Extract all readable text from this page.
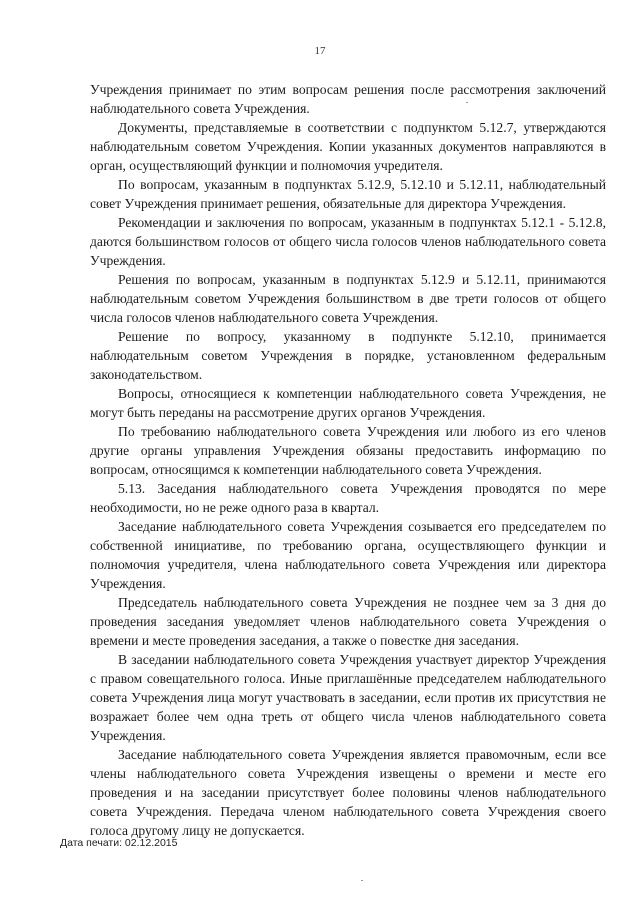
17

Учреждения принимает по этим вопросам решения после рассмотрения заключений наблюдательного совета Учреждения.

Документы, представляемые в соответствии с подпунктом 5.12.7, утверждаются наблюдательным советом Учреждения. Копии указанных документов направляются в орган, осуществляющий функции и полномочия учредителя.

По вопросам, указанным в подпунктах 5.12.9, 5.12.10 и 5.12.11, наблюдательный совет Учреждения принимает решения, обязательные для директора Учреждения.

Рекомендации и заключения по вопросам, указанным в подпунктах 5.12.1 - 5.12.8, даются большинством голосов от общего числа голосов членов наблюдательного совета Учреждения.

Решения по вопросам, указанным в подпунктах 5.12.9 и 5.12.11, принимаются наблюдательным советом Учреждения большинством в две трети голосов от общего числа голосов членов наблюдательного совета Учреждения.

Решение по вопросу, указанному в подпункте 5.12.10, принимается наблюдательным советом Учреждения в порядке, установленном федеральным законодательством.

Вопросы, относящиеся к компетенции наблюдательного совета Учреждения, не могут быть переданы на рассмотрение других органов Учреждения.

По требованию наблюдательного совета Учреждения или любого из его членов другие органы управления Учреждения обязаны предоставить информацию по вопросам, относящимся к компетенции наблюдательного совета Учреждения.

5.13. Заседания наблюдательного совета Учреждения проводятся по мере необходимости, но не реже одного раза в квартал.

Заседание наблюдательного совета Учреждения созывается его председателем по собственной инициативе, по требованию органа, осуществляющего функции и полномочия учредителя, члена наблюдательного совета Учреждения или директора Учреждения.

Председатель наблюдательного совета Учреждения не позднее чем за 3 дня до проведения заседания уведомляет членов наблюдательного совета Учреждения о времени и месте проведения заседания, а также о повестке дня заседания.

В заседании наблюдательного совета Учреждения участвует директор Учреждения с правом совещательного голоса. Иные приглашённые председателем наблюдательного совета Учреждения лица могут участвовать в заседании, если против их присутствия не возражает более чем одна треть от общего числа членов наблюдательного совета Учреждения.

Заседание наблюдательного совета Учреждения является правомочным, если все члены наблюдательного совета Учреждения извещены о времени и месте его проведения и на заседании присутствует более половины членов наблюдательного совета Учреждения. Передача членом наблюдательного совета Учреждения своего голоса другому лицу не допускается.

Дата печати: 02.12.2015
